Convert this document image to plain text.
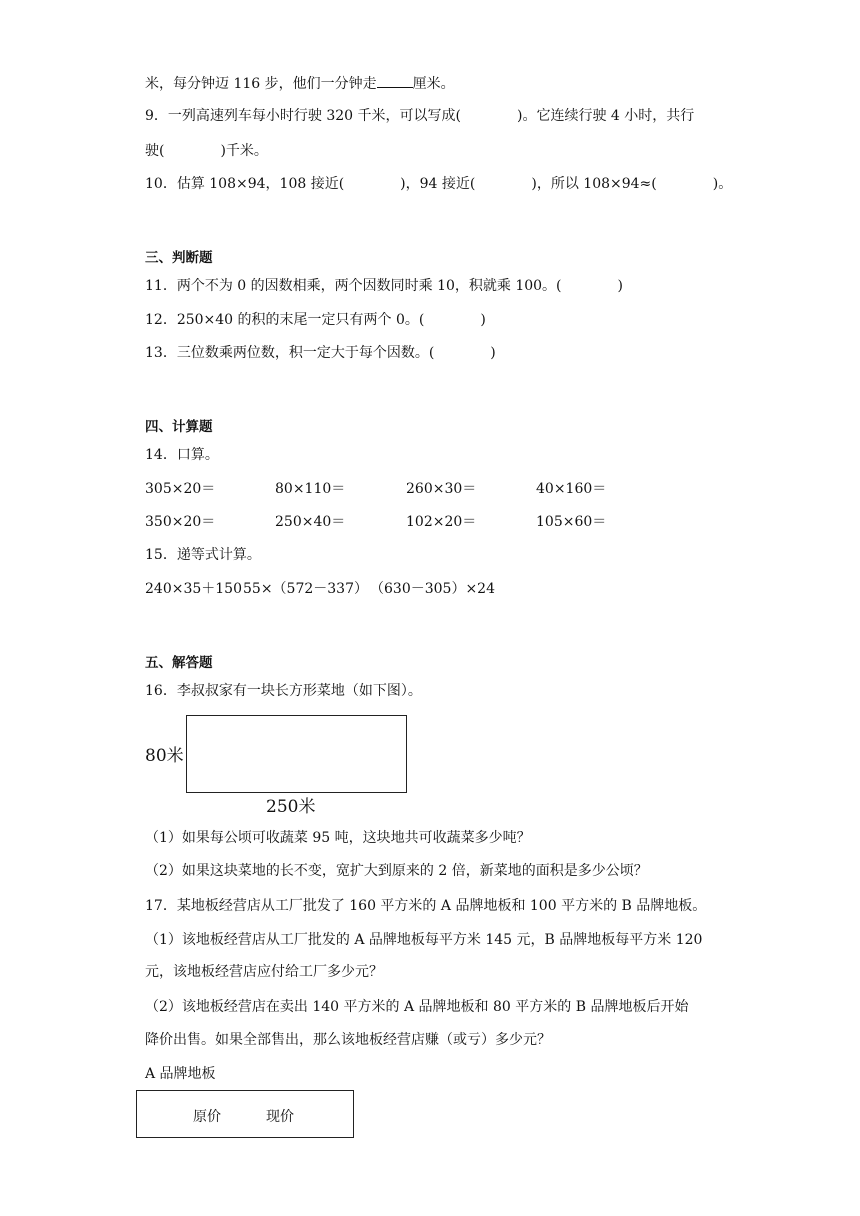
米，每分钟迈 116 步，他们一分钟走	厘米。
9．一列高速列车每小时行驶 320 千米，可以写成(	)。它连续行驶 4 小时，共行
驶(	)千米。
10．估算 108×94，108 接近(	)，94 接近(	)，所以 108×94≈(	)。
三、判断题
11．两个不为 0 的因数相乘，两个因数同时乘 10，积就乘 100。(	)
12．250×40 的积的末尾一定只有两个 0。(	)
13．三位数乘两位数，积一定大于每个因数。(	)
四、计算题
14．口算。
305×20＝	80×110＝	260×30＝	40×160＝
350×20＝	250×40＝	102×20＝	105×60＝
15．递等式计算。
240×35＋150 55×（572－337） （630－305）×24
五、解答题
16．李叔叔家有一块长方形菜地（如下图）。
80米
250米
（1）如果每公顷可收蔬菜 95 吨，这块地共可收蔬菜多少吨？
（2）如果这块菜地的长不变，宽扩大到原来的 2 倍，新菜地的面积是多少公顷？
17．某地板经营店从工厂批发了 160 平方米的 A 品牌地板和 100 平方米的 B 品牌地板。
（1）该地板经营店从工厂批发的 A 品牌地板每平方米 145 元，B 品牌地板每平方米 120
元，该地板经营店应付给工厂多少元？
（2）该地板经营店在卖出 140 平方米的 A 品牌地板和 80 平方米的 B 品牌地板后开始
降价出售。如果全部售出，那么该地板经营店赚（或亏）多少元？
A 品牌地板
原价	现价
